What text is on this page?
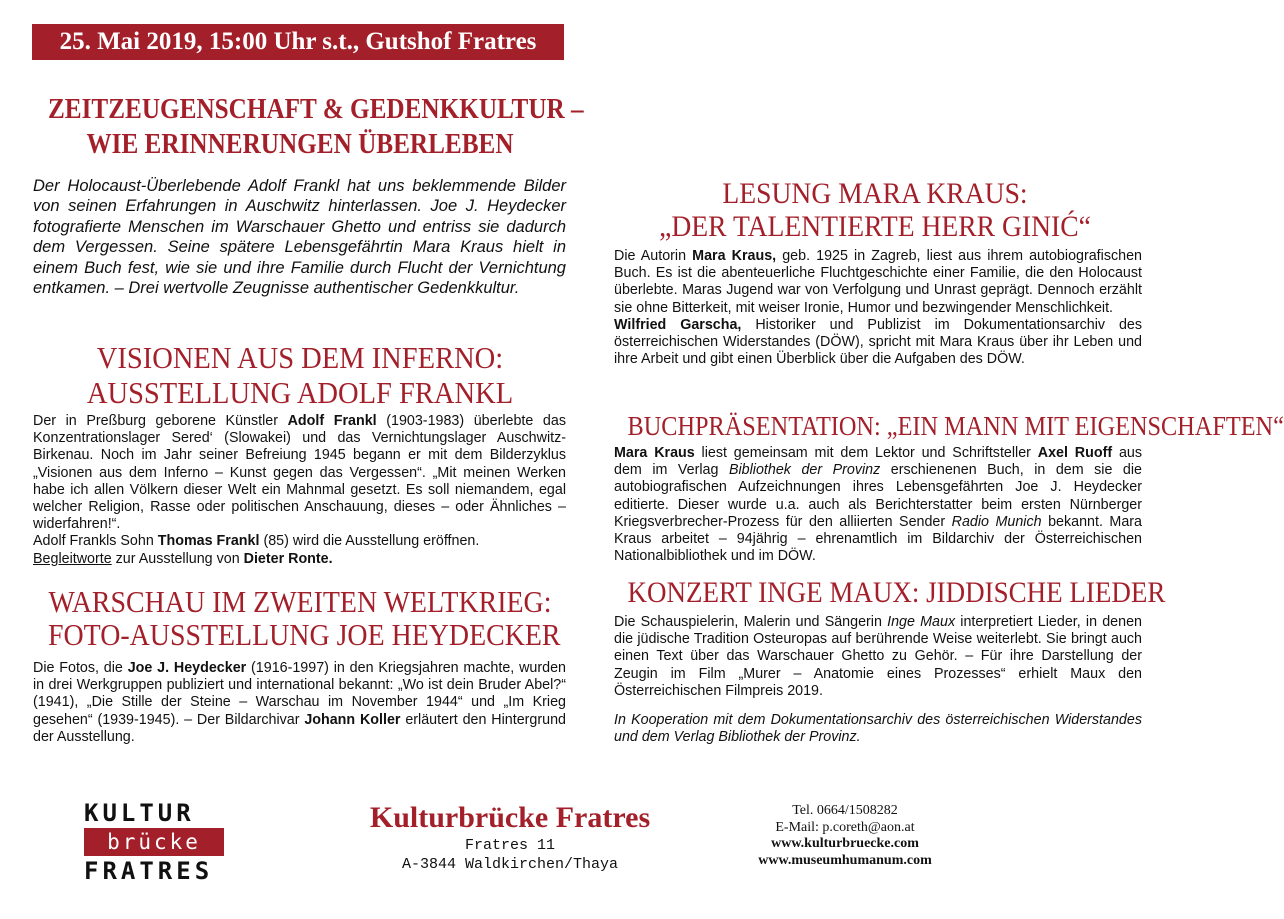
25. Mai 2019, 15:00 Uhr s.t., Gutshof Fratres
ZEITZEUGENSCHAFT & GEDENKKULTUR –
WIE ERINNERUNGEN ÜBERLEBEN

Der Holocaust-Überlebende Adolf Frankl hat uns beklemmende Bilder von seinen Erfahrungen in Auschwitz hinterlassen. Joe J. Heydecker fotografierte Menschen im Warschauer Ghetto und entriss sie dadurch dem Vergessen. Seine spätere Lebensgefährtin Mara Kraus hielt in einem Buch fest, wie sie und ihre Familie durch Flucht der Vernichtung entkamen. – Drei wertvolle Zeugnisse authentischer Gedenkkultur.

VISIONEN AUS DEM INFERNO:
AUSSTELLUNG ADOLF FRANKL

Der in Preßburg geborene Künstler Adolf Frankl (1903-1983) überlebte das Konzentrationslager Sered‘ (Slowakei) und das Vernichtungslager Auschwitz-Birkenau. Noch im Jahr seiner Befreiung 1945 begann er mit dem Bilderzyklus „Visionen aus dem Inferno – Kunst gegen das Vergessen“. „Mit meinen Werken habe ich allen Völkern dieser Welt ein Mahnmal gesetzt. Es soll niemandem, egal welcher Religion, Rasse oder politischen Anschauung, dieses – oder Ähnliches – widerfahren!“.
Adolf Frankls Sohn Thomas Frankl (85) wird die Ausstellung eröffnen.
Begleitworte zur Ausstellung von Dieter Ronte.

WARSCHAU IM ZWEITEN WELTKRIEG:
FOTO-AUSSTELLUNG JOE HEYDECKER

Die Fotos, die Joe J. Heydecker (1916-1997) in den Kriegsjahren machte, wurden in drei Werkgruppen publiziert und international bekannt: „Wo ist dein Bruder Abel?“ (1941), „Die Stille der Steine – Warschau im November 1944“ und „Im Krieg gesehen“ (1939-1945). – Der Bildarchivar Johann Koller erläutert den Hintergrund der Ausstellung.

LESUNG MARA KRAUS:
„DER TALENTIERTE HERR GINIĆ“

Die Autorin Mara Kraus, geb. 1925 in Zagreb, liest aus ihrem autobiografischen Buch. Es ist die abenteuerliche Fluchtgeschichte einer Familie, die den Holocaust überlebte. Maras Jugend war von Verfolgung und Unrast geprägt. Dennoch erzählt sie ohne Bitterkeit, mit weiser Ironie, Humor und bezwingender Menschlichkeit.
Wilfried Garscha, Historiker und Publizist im Dokumentationsarchiv des österreichischen Widerstandes (DÖW), spricht mit Mara Kraus über ihr Leben und ihre Arbeit und gibt einen Überblick über die Aufgaben des DÖW.

BUCHPRÄSENTATION: „EIN MANN MIT EIGENSCHAFTEN“

Mara Kraus liest gemeinsam mit dem Lektor und Schriftsteller Axel Ruoff aus dem im Verlag Bibliothek der Provinz erschienenen Buch, in dem sie die autobiografischen Aufzeichnungen ihres Lebensgefährten Joe J. Heydecker editierte. Dieser wurde u.a. auch als Berichterstatter beim ersten Nürnberger Kriegsverbrecher-Prozess für den alliierten Sender Radio Munich bekannt. Mara Kraus arbeitet – 94jährig – ehrenamtlich im Bildarchiv der Österreichischen Nationalbibliothek und im DÖW.

KONZERT INGE MAUX: JIDDISCHE LIEDER

Die Schauspielerin, Malerin und Sängerin Inge Maux interpretiert Lieder, in denen die jüdische Tradition Osteuropas auf berührende Weise weiterlebt. Sie bringt auch einen Text über das Warschauer Ghetto zu Gehör. – Für ihre Darstellung der Zeugin im Film „Murer – Anatomie eines Prozesses“ erhielt Maux den Österreichischen Filmpreis 2019.

In Kooperation mit dem Dokumentationsarchiv des österreichischen Widerstandes und dem Verlag Bibliothek der Provinz.

KULTUR
brücke
FRATRES
Kulturbrücke Fratres
Fratres 11
A-3844 Waldkirchen/Thaya
Tel. 0664/1508282
E-Mail: p.coreth@aon.at
www.kulturbruecke.com
www.museumhumanum.com
